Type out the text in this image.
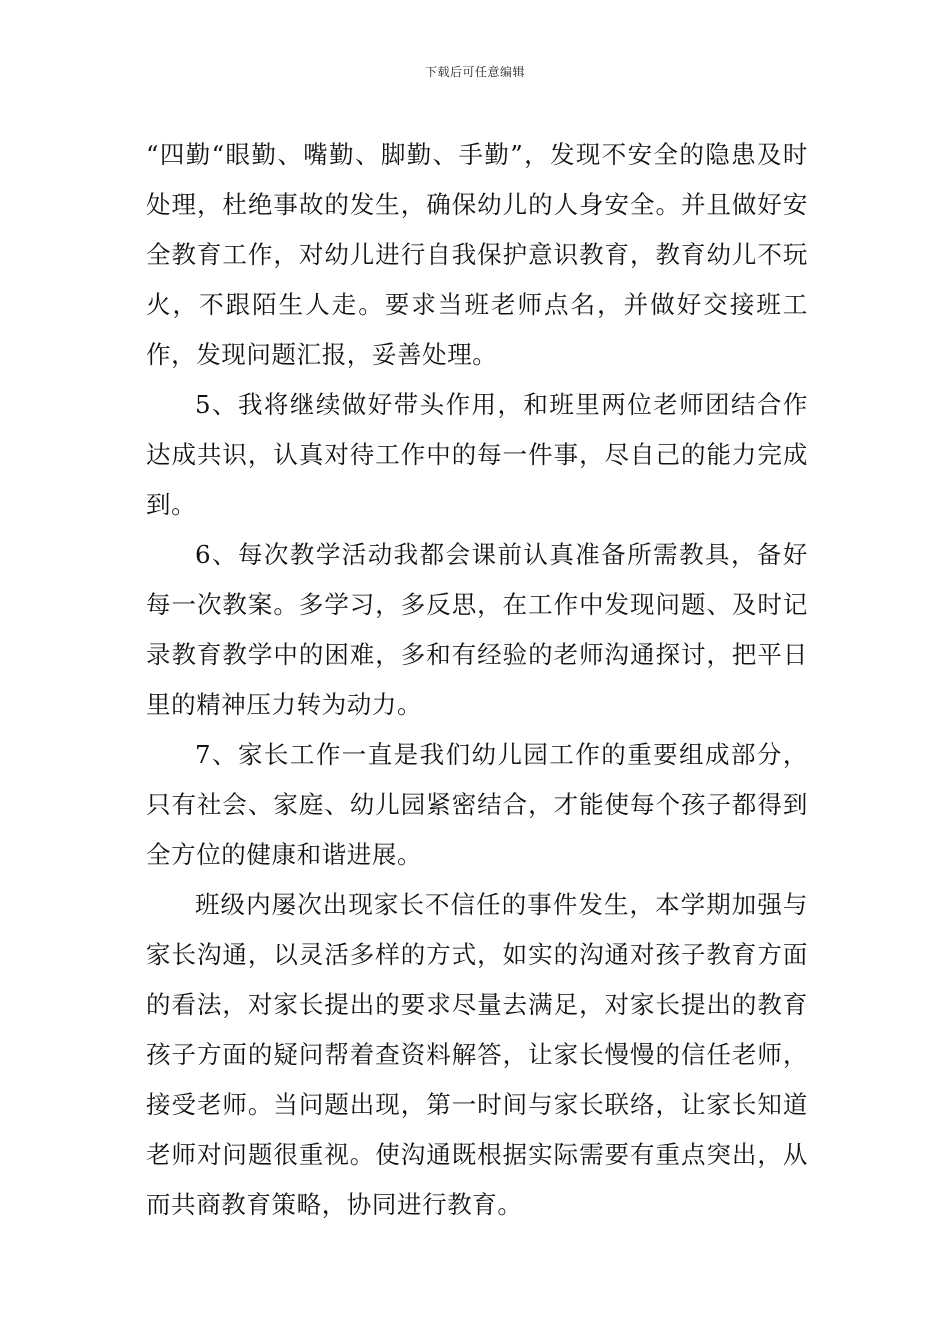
下载后可任意编辑

“四勤“眼勤、嘴勤、脚勤、手勤”，发现不安全的隐患及时处理，杜绝事故的发生，确保幼儿的人身安全。并且做好安全教育工作，对幼儿进行自我保护意识教育，教育幼儿不玩火，不跟陌生人走。要求当班老师点名，并做好交接班工作，发现问题汇报，妥善处理。

5、我将继续做好带头作用，和班里两位老师团结合作达成共识，认真对待工作中的每一件事，尽自己的能力完成到。

6、每次教学活动我都会课前认真准备所需教具，备好每一次教案。多学习，多反思，在工作中发现问题、及时记录教育教学中的困难，多和有经验的老师沟通探讨，把平日里的精神压力转为动力。

7、家长工作一直是我们幼儿园工作的重要组成部分，只有社会、家庭、幼儿园紧密结合，才能使每个孩子都得到全方位的健康和谐进展。

班级内屡次出现家长不信任的事件发生，本学期加强与家长沟通，以灵活多样的方式，如实的沟通对孩子教育方面的看法，对家长提出的要求尽量去满足，对家长提出的教育孩子方面的疑问帮着查资料解答，让家长慢慢的信任老师，接受老师。当问题出现，第一时间与家长联络，让家长知道老师对问题很重视。使沟通既根据实际需要有重点突出，从而共商教育策略，协同进行教育。
